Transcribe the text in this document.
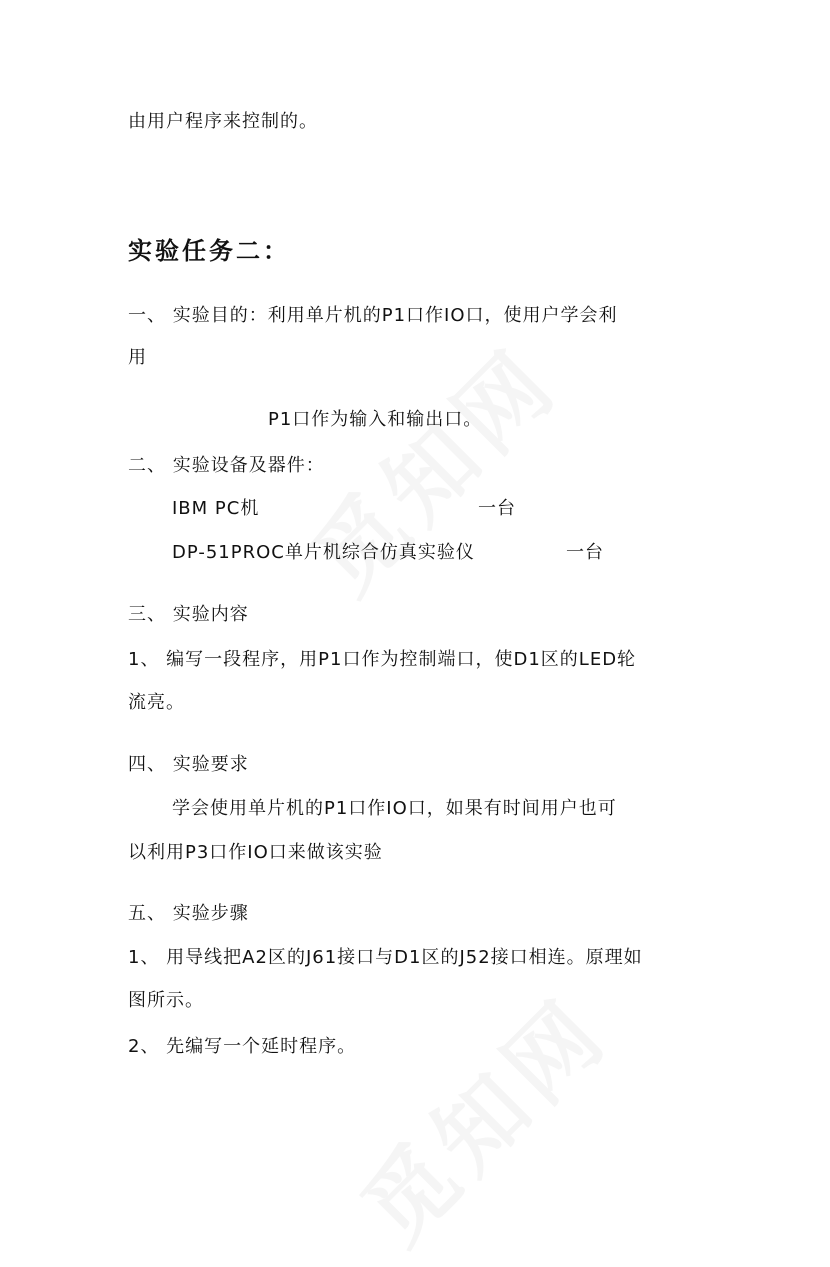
由用户程序来控制的。
实验任务二：
一、 实验目的：利用单片机的P1口作IO口，使用户学会利
用
P1口作为输入和输出口。
二、 实验设备及器件：
IBM PC机	一台
DP-51PROC单片机综合仿真实验仪	一台
三、 实验内容
1、 编写一段程序，用P1口作为控制端口，使D1区的LED轮
流亮。
四、 实验要求
学会使用单片机的P1口作IO口，如果有时间用户也可
以利用P3口作IO口来做该实验
五、 实验步骤
1、 用导线把A2区的J61接口与D1区的J52接口相连。原理如
图所示。
2、 先编写一个延时程序。
